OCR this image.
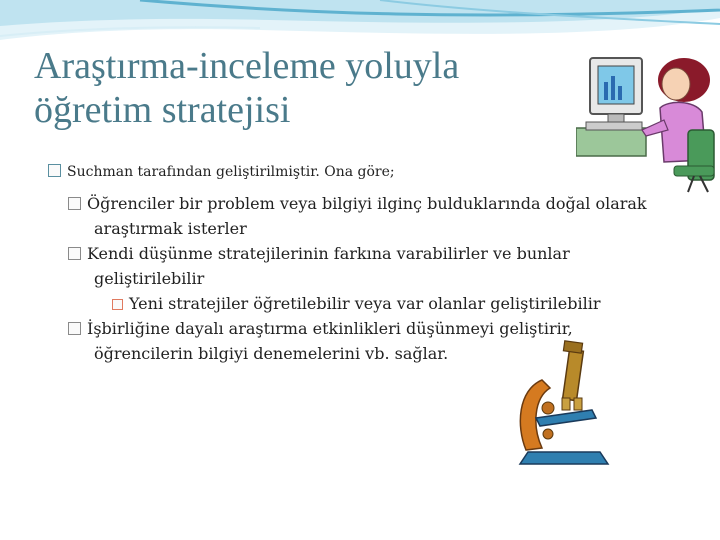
Araştırma-inceleme yoluyla
öğretim stratejisi
Suchman tarafından geliştirilmiştir. Ona göre;
Öğrenciler bir problem veya bilgiyi ilginç bulduklarında doğal olarak araştırmak isterler
Kendi düşünme stratejilerinin farkına varabilirler ve bunlar geliştirilebilir
Yeni stratejiler öğretilebilir veya var olanlar geliştirilebilir
İşbirliğine dayalı araştırma etkinlikleri düşünmeyi geliştirir, öğrencilerin bilgiyi denemelerini vb. sağlar.
